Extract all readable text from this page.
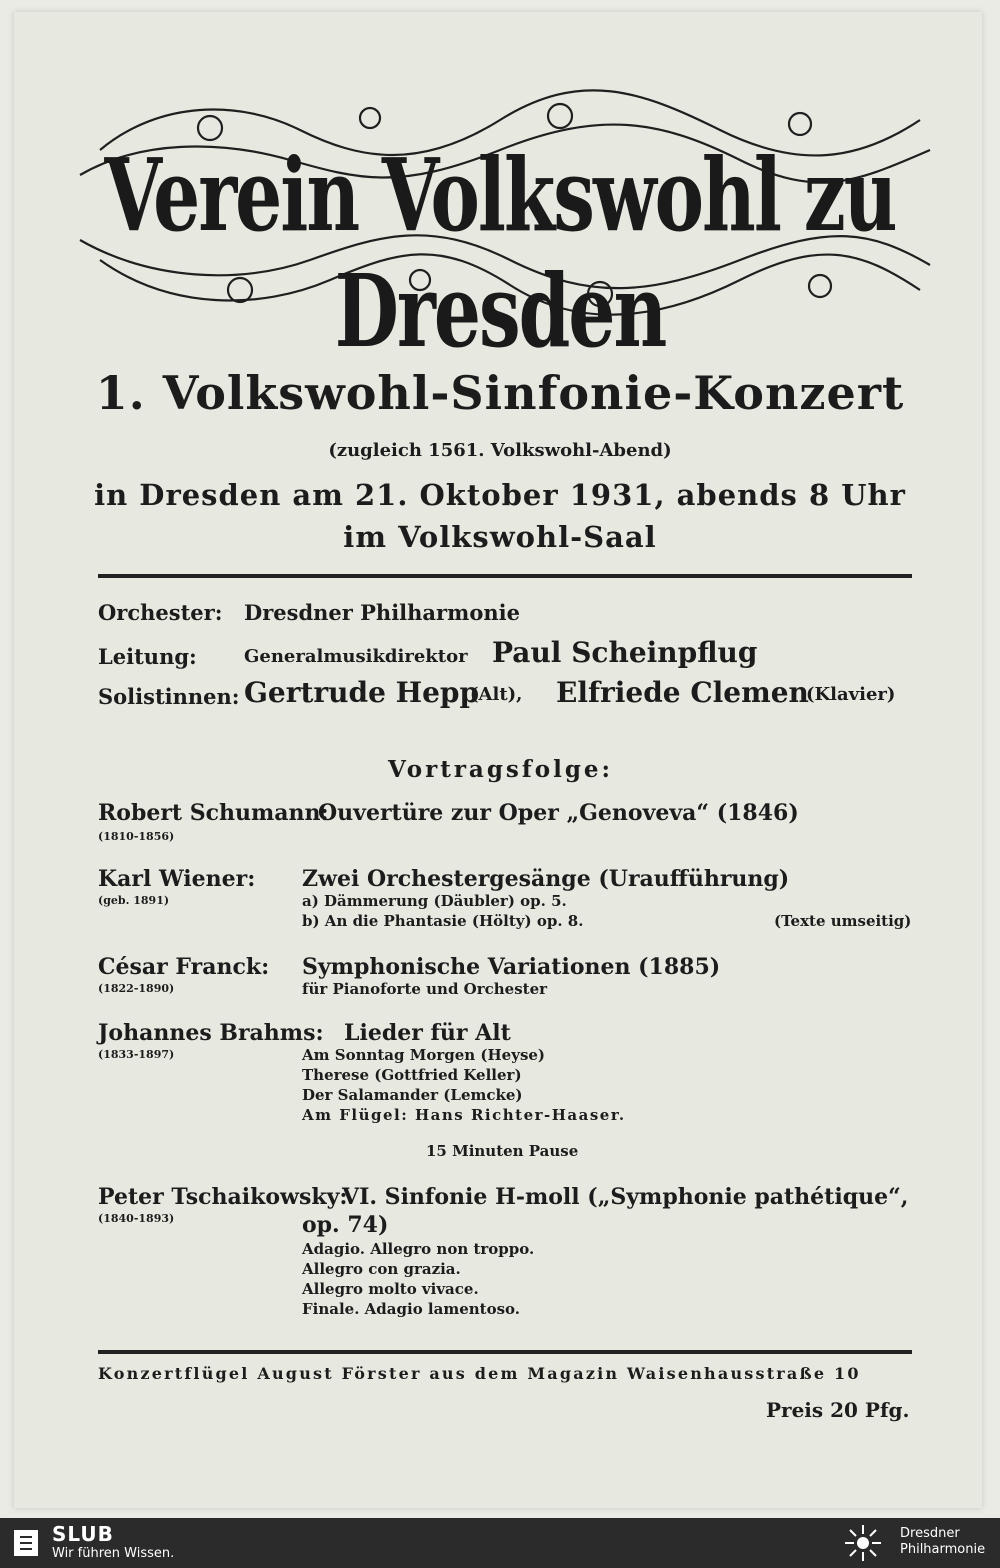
Verein Volkswohl zu Dresden
1. Volkswohl-Sinfonie-Konzert
(zugleich 1561. Volkswohl-Abend)
in Dresden am 21. Oktober 1931, abends 8 Uhr
im Volkswohl-Saal
Orchester: Dresdner Philharmonie
Leitung:	Generalmusikdirektor Paul Scheinpflug
Solistinnen: Gertrude Hepp
(Alt), Elfriede Clemen
(Klavier)
Vortragsfolge:
Robert Schumann:
(1810-1856)
Ouvertüre zur Oper „Genoveva“ (1846)
Karl Wiener:
(geb. 1891)
Zwei Orchestergesänge (Uraufführung)
a) Dämmerung (Däubler) op. 5.
b) An die Phantasie (Hölty) op. 8.	(Texte umseitig)
César Franck:
(1822-1890)
Symphonische Variationen (1885)
für Pianoforte und Orchester
Johannes Brahms:
(1833-1897)
Lieder für Alt
Am Sonntag Morgen (Heyse)
Therese (Gottfried Keller)
Der Salamander (Lemcke)
Am Flügel: Hans Richter-Haaser.
15 Minuten Pause
Peter Tschaikowsky:
(1840-1893)
VI. Sinfonie H-moll („Symphonie pathétique“,
op. 74)
Adagio. Allegro non troppo.
Allegro con grazia.
Allegro molto vivace.
Finale. Adagio lamentoso.
Konzertflügel August Förster aus dem Magazin Waisenhausstraße 10
Preis 20 Pfg.
SLUB
Wir führen Wissen.
Dresdner
Philharmonie
